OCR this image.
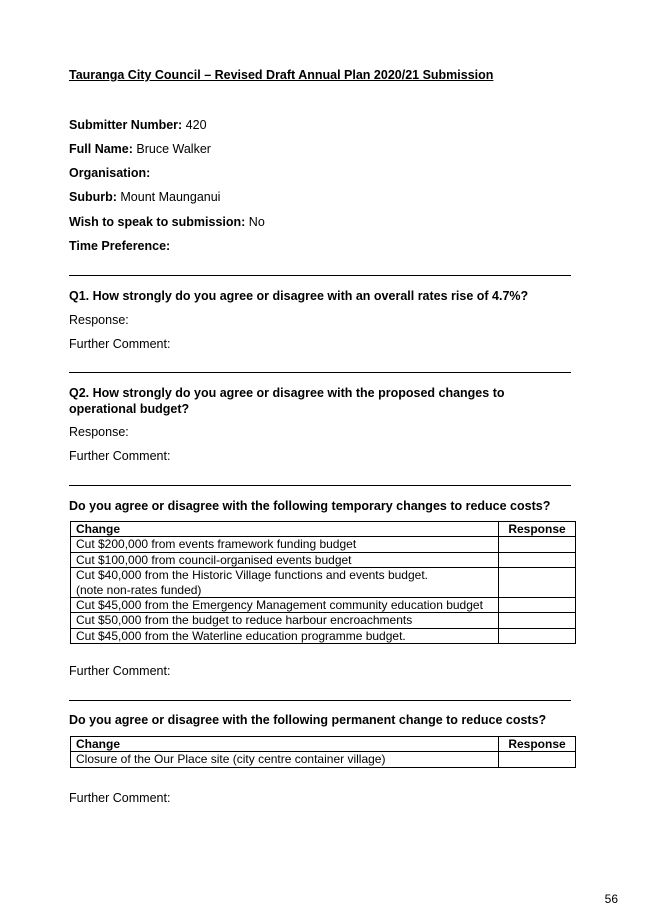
Tauranga City Council – Revised Draft Annual Plan 2020/21 Submission
Submitter Number: 420
Full Name: Bruce Walker
Organisation:
Suburb: Mount Maunganui
Wish to speak to submission: No
Time Preference:
Q1. How strongly do you agree or disagree with an overall rates rise of 4.7%?
Response:
Further Comment:
Q2. How strongly do you agree or disagree with the proposed changes to operational budget?
Response:
Further Comment:
Do you agree or disagree with the following temporary changes to reduce costs?
Change	Response
Cut $200,000 from events framework funding budget	
Cut $100,000 from council-organised events budget	
Cut $40,000 from the Historic Village functions and events budget.
(note non-rates funded)	
Cut $45,000 from the Emergency Management community education budget	
Cut $50,000 from the budget to reduce harbour encroachments	
Cut $45,000 from the Waterline education programme budget.	
Further Comment:
Do you agree or disagree with the following permanent change to reduce costs?
Change	Response
Closure of the Our Place site (city centre container village)	
Further Comment:
56
